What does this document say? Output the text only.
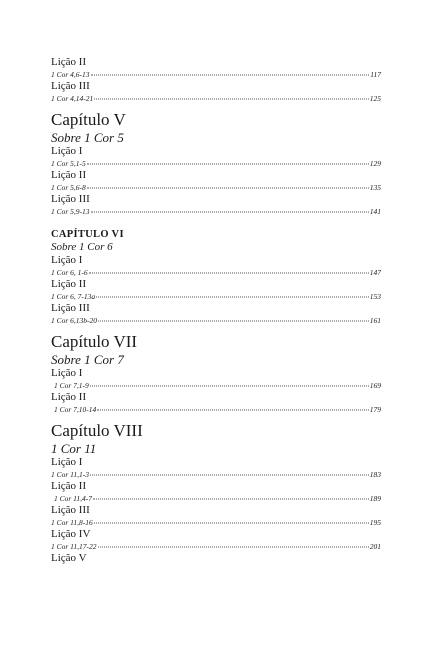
Lição II
1 Cor 4,6-13	117
Lição III
1 Cor 4,14-21	125
Capítulo V
Sobre 1 Cor 5
Lição I
1 Cor 5,1-5	129
Lição II
1 Cor 5,6-8	135
Lição III
1 Cor 5,9-13	141
CAPÍTULO VI
Sobre 1 Cor 6
Lição I
1 Cor 6, 1-6	147
Lição II
1 Cor 6, 7-13a	153
Lição III
1 Cor 6,13b-20	161
Capítulo VII
Sobre 1 Cor 7
Lição I
1 Cor 7,1-9	169
Lição II
1 Cor 7,10-14	179
Capítulo VIII
1 Cor 11
Lição I
1 Cor 11,1-3	183
Lição II
1 Cor 11,4-7	189
Lição III
1 Cor 11,8-16	195
Lição IV
1 Cor 11,17-22	201
Lição V
